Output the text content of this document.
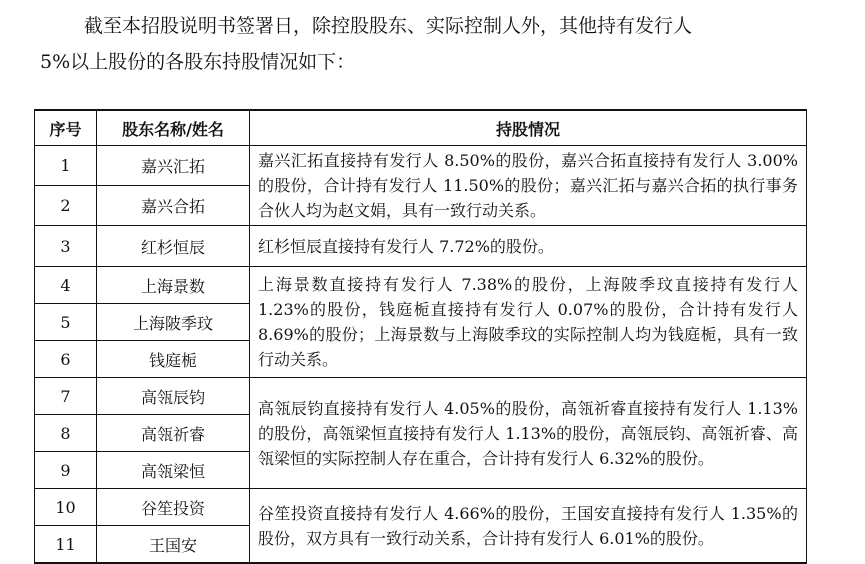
截至本招股说明书签署日，除控股股东、实际控制人外，其他持有发行人
5%以上股份的各股东持股情况如下：
序号	股东名称/姓名	持股情况
1	嘉兴汇拓	嘉兴汇拓直接持有发行人 8.50%的股份，嘉兴合拓直接持有发行人 3.00%的股份，合计持有发行人 11.50%的股份；嘉兴汇拓与嘉兴合拓的执行事务合伙人均为赵文娟，具有一致行动关系。
2	嘉兴合拓	
3	红杉恒辰	红杉恒辰直接持有发行人 7.72%的股份。
4	上海景数	上海景数直接持有发行人 7.38%的股份，上海陂季玟直接持有发行人 1.23%的股份，钱庭栀直接持有发行人 0.07%的股份，合计持有发行人 8.69%的股份；上海景数与上海陂季玟的实际控制人均为钱庭栀，具有一致行动关系。
5	上海陂季玟	
6	钱庭栀	
7	高瓴辰钧	高瓴辰钧直接持有发行人 4.05%的股份，高瓴祈睿直接持有发行人 1.13%的股份，高瓴梁恒直接持有发行人 1.13%的股份，高瓴辰钧、高瓴祈睿、高瓴梁恒的实际控制人存在重合，合计持有发行人 6.32%的股份。
8	高瓴祈睿	
9	高瓴梁恒	
10	谷笙投资	谷笙投资直接持有发行人 4.66%的股份，王国安直接持有发行人 1.35%的股份，双方具有一致行动关系，合计持有发行人 6.01%的股份。
11	王国安	
